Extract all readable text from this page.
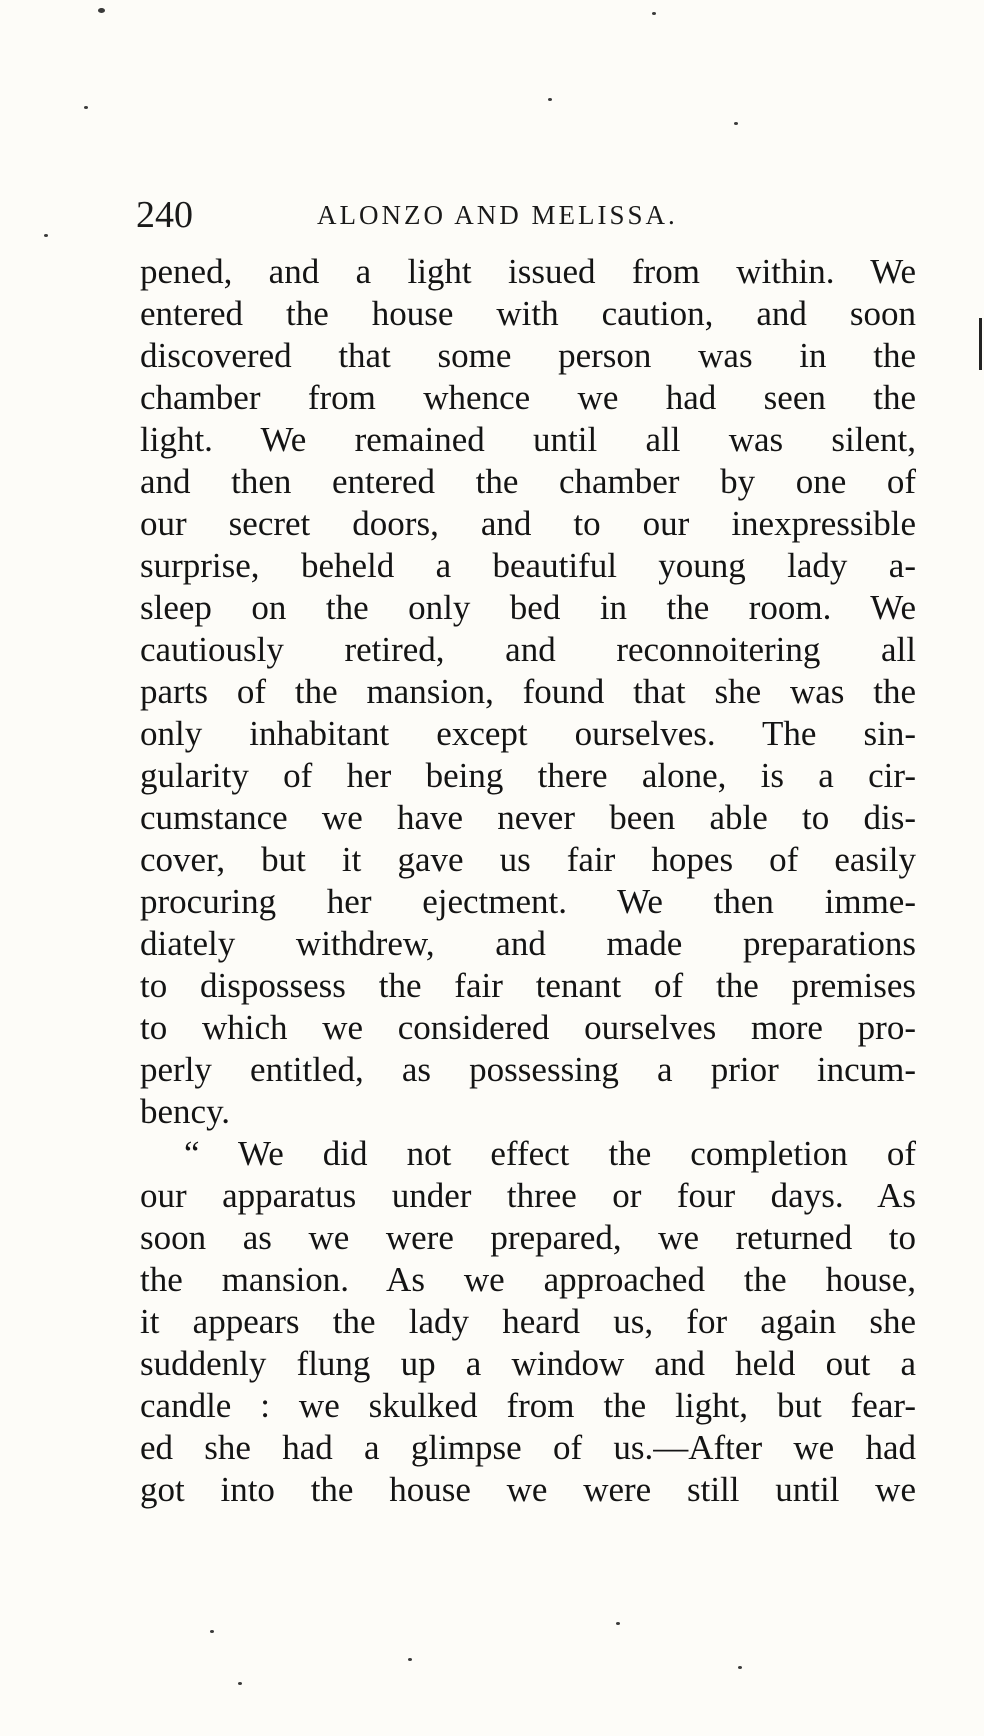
240	ALONZO AND MELISSA.
pened, and a light issued from within. We
entered the house with caution, and soon
discovered that some person was in the
chamber from whence we had seen the
light. We remained until all was silent,
and then entered the chamber by one of
our secret doors, and to our inexpressible
surprise, beheld a beautiful young lady a-
sleep on the only bed in the room. We
cautiously retired, and reconnoitering all
parts of the mansion, found that she was the
only inhabitant except ourselves. The sin-
gularity of her being there alone, is a cir-
cumstance we have never been able to dis-
cover, but it gave us fair hopes of easily
procuring her ejectment. We then imme-
diately withdrew, and made preparations
to dispossess the fair tenant of the premises
to which we considered ourselves more pro-
perly entitled, as possessing a prior incum-
bency.
“ We did not effect the completion of
our apparatus under three or four days. As
soon as we were prepared, we returned to
the mansion. As we approached the house,
it appears the lady heard us, for again she
suddenly flung up a window and held out a
candle : we skulked from the light, but fear-
ed she had a glimpse of us.—After we had
got into the house we were still until we
